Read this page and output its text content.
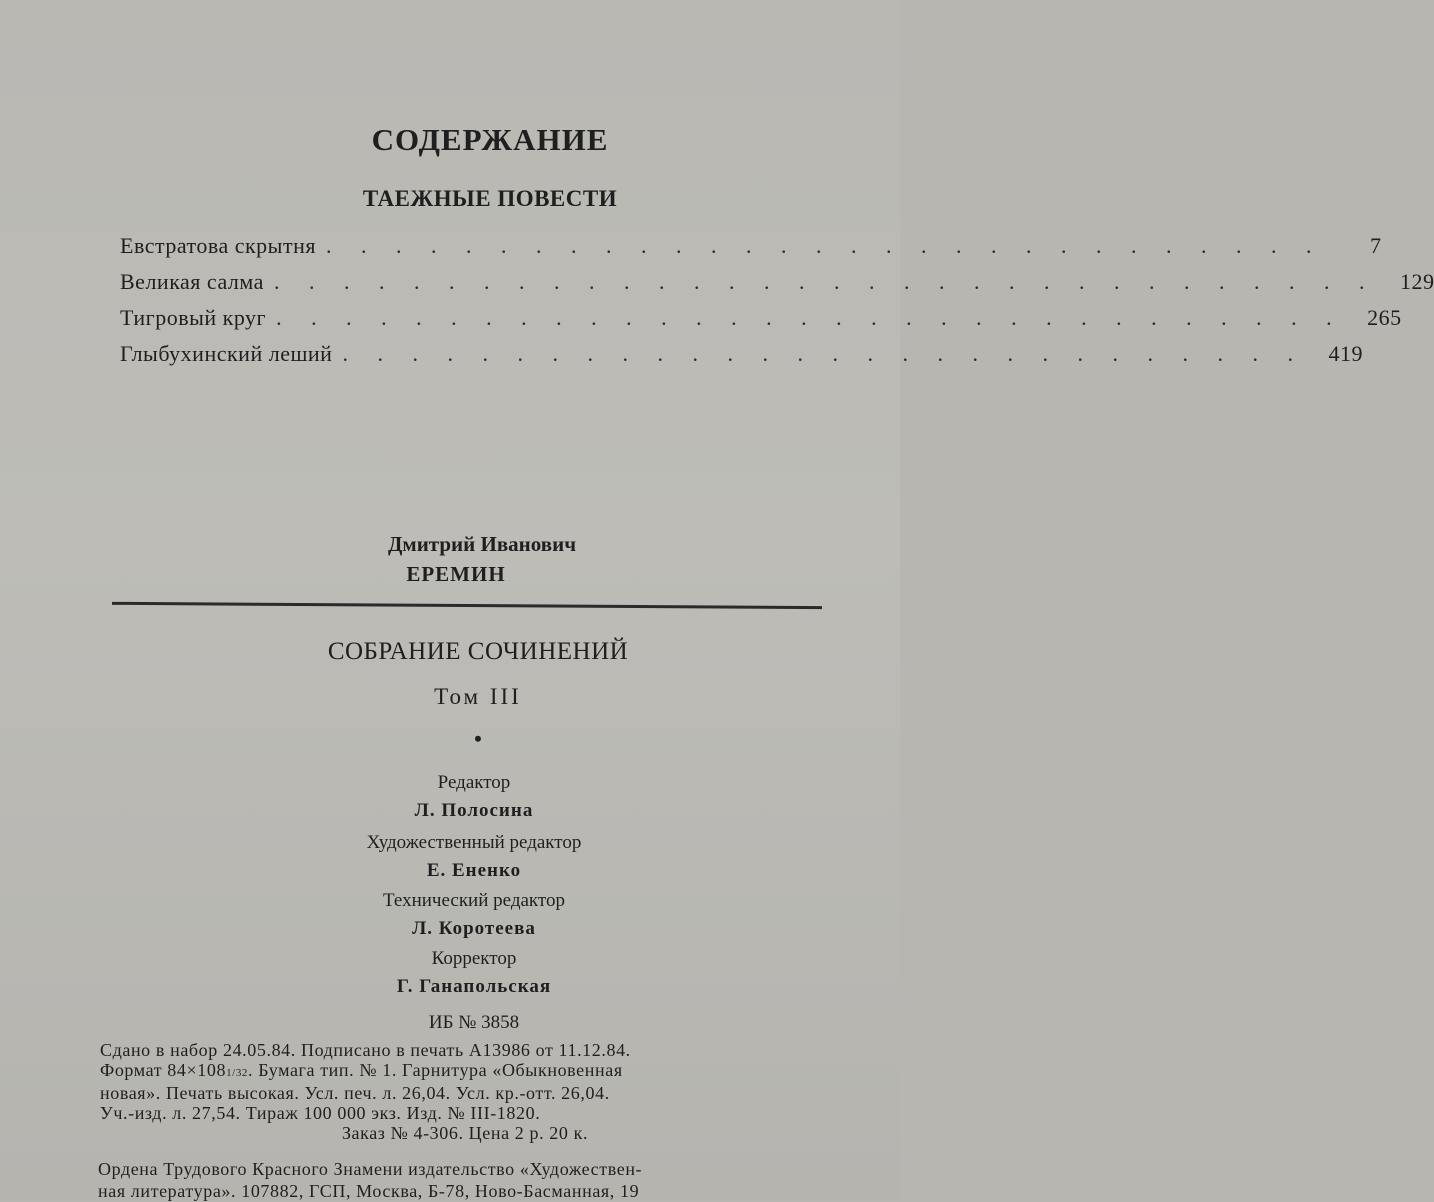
СОДЕРЖАНИЕ
ТАЕЖНЫЕ ПОВЕСТИ
Евстратова скрытня . . . . . . . . . . . . . . . . . . . . . . . . . . . . .	7
Великая салма . . . . . . . . . . . . . . . . . . . . . . . . . . . . . . . .	129
Тигровый круг . . . . . . . . . . . . . . . . . . . . . . . . . . . . . . .	265
Глыбухинский леший . . . . . . . . . . . . . . . . . . . . . . . . . . . .	419
Дмитрий Иванович
ЕРЕМИН
СОБРАНИЕ СОЧИНЕНИЙ
Том III
•
Редактор
Л. Полосина
Художественный редактор
Е. Ененко
Технический редактор
Л. Коротеева
Корректор
Г. Ганапольская
ИБ № 3858
Сдано в набор 24.05.84. Подписано в печать А13986 от 11.12.84.
Формат 84×1081/32. Бумага тип. № 1. Гарнитура «Обыкновенная
новая». Печать высокая. Усл. печ. л. 26,04. Усл. кр.-отт. 26,04.
Уч.-изд. л. 27,54. Тираж 100 000 экз. Изд. № III-1820.
Заказ № 4-306. Цена 2 р. 20 к.
Ордена Трудового Красного Знамени издательство «Художествен-
ная литература». 107882, ГСП, Москва, Б-78, Ново-Басманная, 19
